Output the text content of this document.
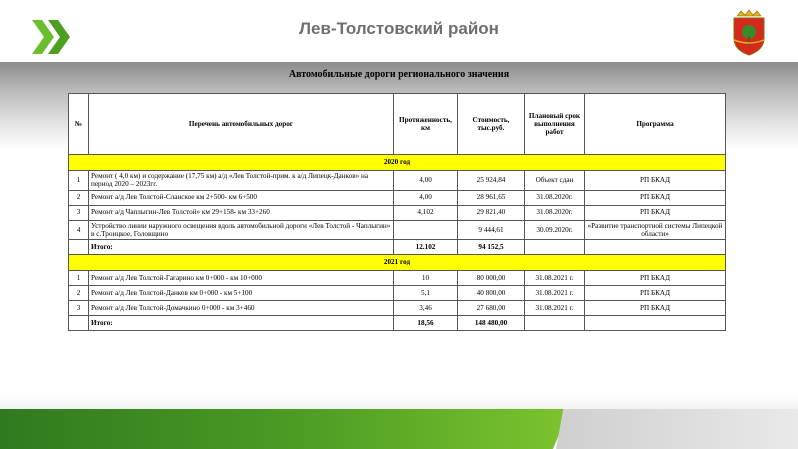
Лев-Толстовский район
Автомобильные дороги регионального значения
№	Перечень автомобильных дорог	Протяженность, км	Стоимость, тыс.руб.	Плановый срок выполнения работ	Программа
2020 год					
1	Ремонт ( 4,0 км) и содержание (17,75 км) а/д «Лев Толстой-прим. к а/д Липецк-Данков» на период 2020 – 2023гг.	4,00	25 924,84	Объект сдан	РП БКАД
2	Ремонт а/д Лев Толстой-Сланское км 2+500- км 6+500	4,00	28 961,65	31.08.2020г.	РП БКАД
3	Ремонт а/д Чаплыгин-Лев Толстой» км 29+158- км 33+260	4,102	29 821,40	31.08.2020г.	РП БКАД
4	Устройство линии наружного освещения вдоль автомобильной дороги «Лев Толстой - Чаплыгин» в с.Троицкое, Головщино		9 444,61	30.09.2020г.	«Развитие транспортной системы Липецкой области»
	Итого:	12.102	94 152,5		
2021 год					
1	Ремонт а/д Лев Толстой-Гагарино км 0+000 - км 10+000	10	80 000,00	31.08.2021 г.	РП БКАД
2	Ремонт а/д Лев Толстой-Данков км 0+000 - км 5+100	5,1	40 800,00	31.08.2021 г.	РП БКАД
3	Ремонт а/д Лев Толстой-Домачкино 0+000 - км 3+460	3,46	27 680,00	31.08.2021 г.	РП БКАД
	Итого:	18,56	148 480,00		
